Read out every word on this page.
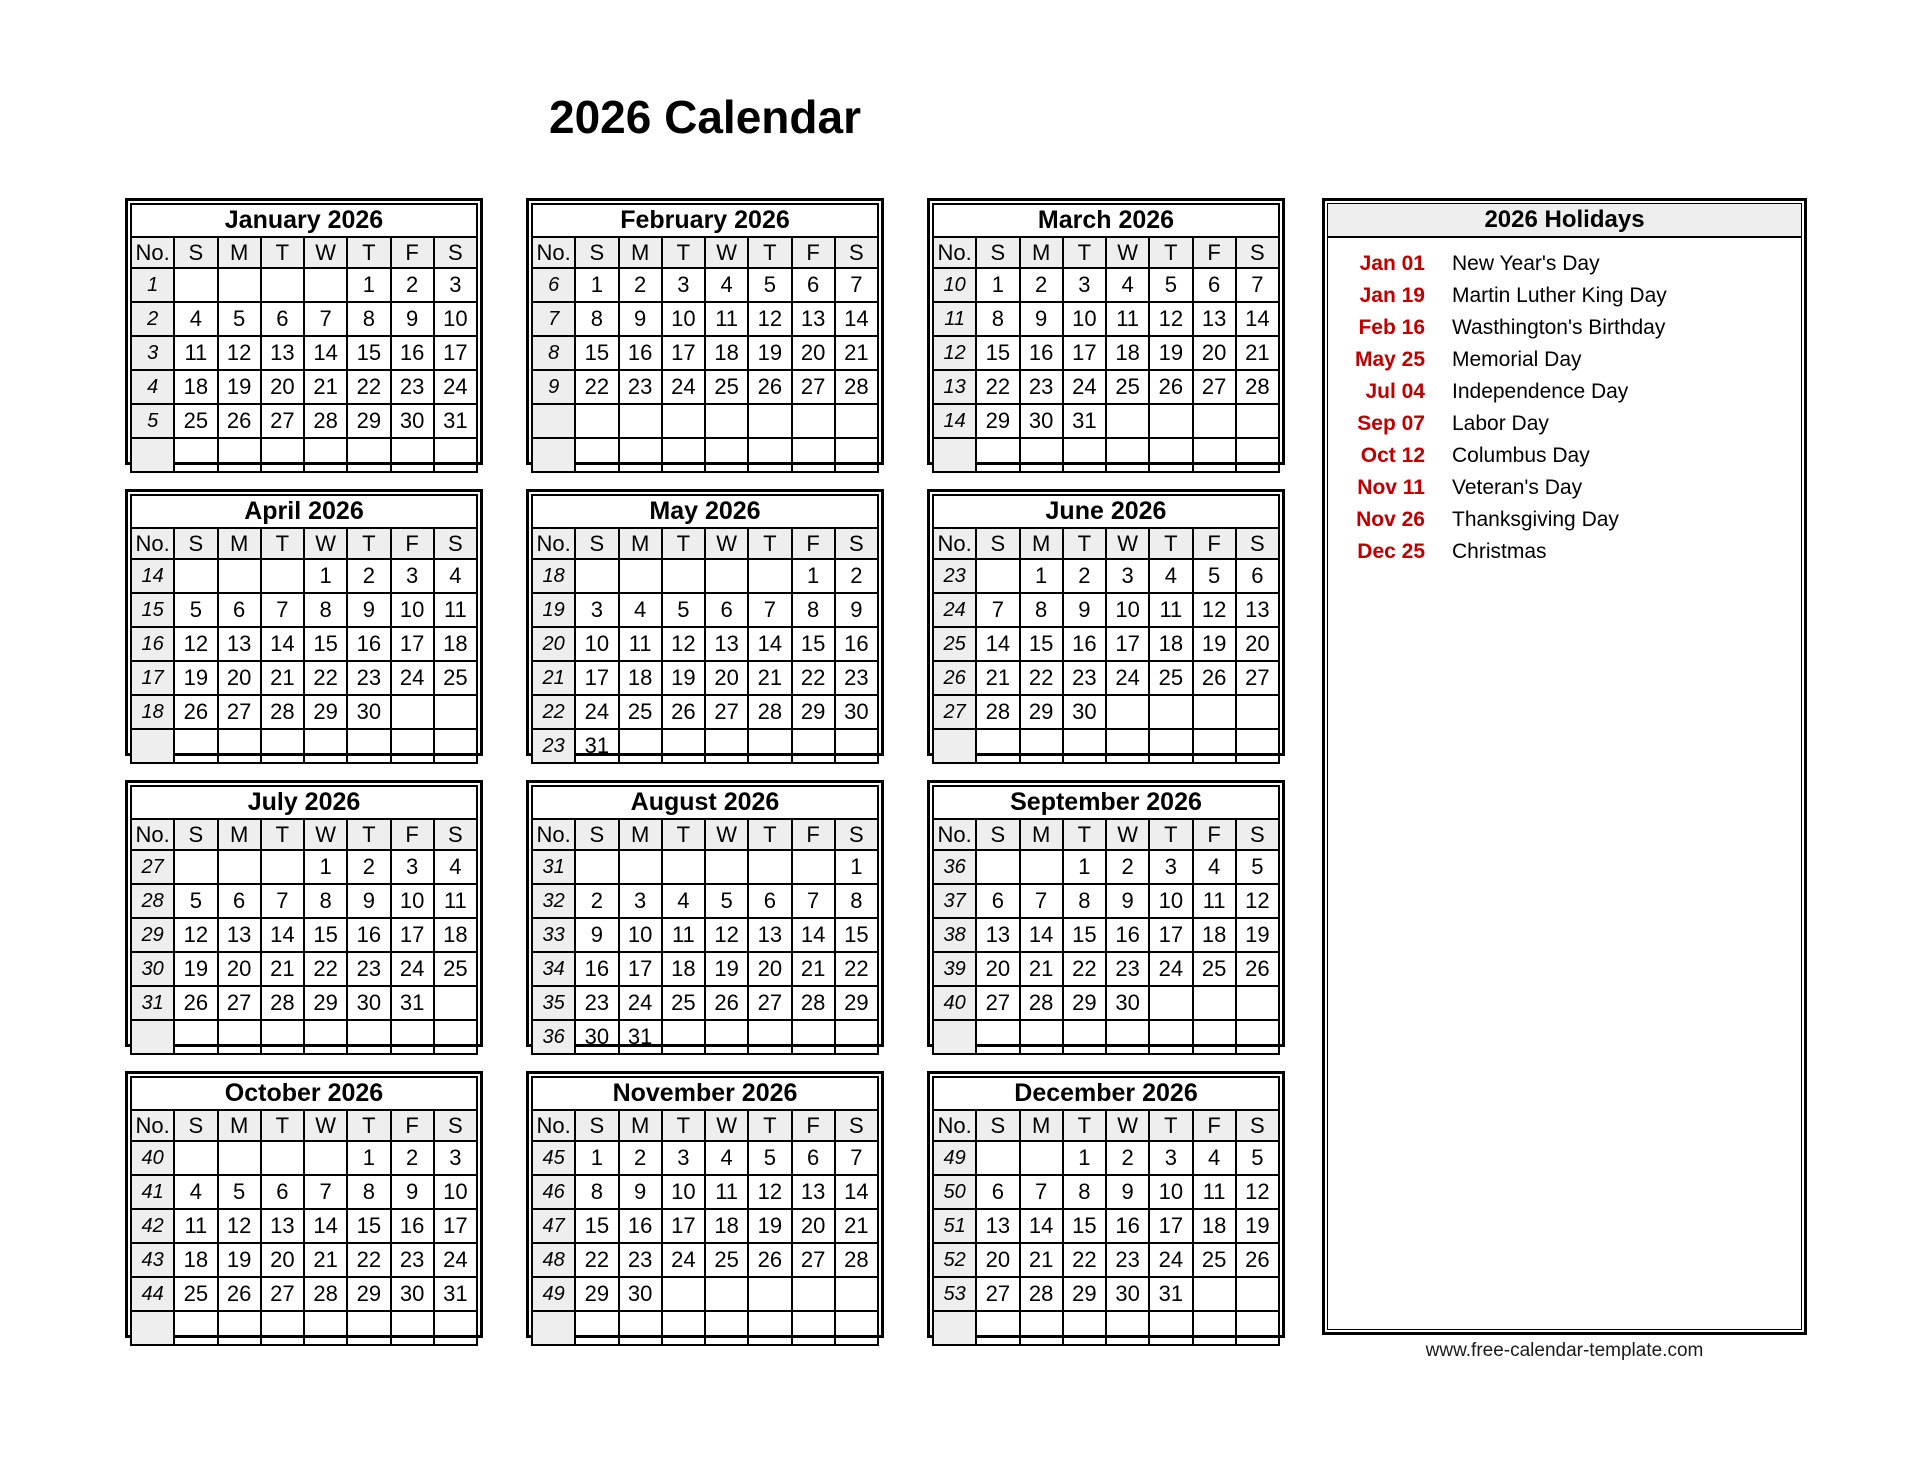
2026 Calendar
January 2026							
No.	S	M	T	W	T	F	S
1					1	2	3
2	4	5	6	7	8	9	10
3	11	12	13	14	15	16	17
4	18	19	20	21	22	23	24
5	25	26	27	28	29	30	31

February 2026							
No.	S	M	T	W	T	F	S
6	1	2	3	4	5	6	7
7	8	9	10	11	12	13	14
8	15	16	17	18	19	20	21
9	22	23	24	25	26	27	28

March 2026							
No.	S	M	T	W	T	F	S
10	1	2	3	4	5	6	7
11	8	9	10	11	12	13	14
12	15	16	17	18	19	20	21
13	22	23	24	25	26	27	28
14	29	30	31				

April 2026							
No.	S	M	T	W	T	F	S
14				1	2	3	4
15	5	6	7	8	9	10	11
16	12	13	14	15	16	17	18
17	19	20	21	22	23	24	25
18	26	27	28	29	30		

May 2026							
No.	S	M	T	W	T	F	S
18						1	2
19	3	4	5	6	7	8	9
20	10	11	12	13	14	15	16
21	17	18	19	20	21	22	23
22	24	25	26	27	28	29	30
23	31						
June 2026							
No.	S	M	T	W	T	F	S
23		1	2	3	4	5	6
24	7	8	9	10	11	12	13
25	14	15	16	17	18	19	20
26	21	22	23	24	25	26	27
27	28	29	30				

July 2026							
No.	S	M	T	W	T	F	S
27				1	2	3	4
28	5	6	7	8	9	10	11
29	12	13	14	15	16	17	18
30	19	20	21	22	23	24	25
31	26	27	28	29	30	31	

August 2026							
No.	S	M	T	W	T	F	S
31							1
32	2	3	4	5	6	7	8
33	9	10	11	12	13	14	15
34	16	17	18	19	20	21	22
35	23	24	25	26	27	28	29
36	30	31					
September 2026							
No.	S	M	T	W	T	F	S
36			1	2	3	4	5
37	6	7	8	9	10	11	12
38	13	14	15	16	17	18	19
39	20	21	22	23	24	25	26
40	27	28	29	30			

October 2026							
No.	S	M	T	W	T	F	S
40					1	2	3
41	4	5	6	7	8	9	10
42	11	12	13	14	15	16	17
43	18	19	20	21	22	23	24
44	25	26	27	28	29	30	31

November 2026							
No.	S	M	T	W	T	F	S
45	1	2	3	4	5	6	7
46	8	9	10	11	12	13	14
47	15	16	17	18	19	20	21
48	22	23	24	25	26	27	28
49	29	30					

December 2026							
No.	S	M	T	W	T	F	S
49			1	2	3	4	5
50	6	7	8	9	10	11	12
51	13	14	15	16	17	18	19
52	20	21	22	23	24	25	26
53	27	28	29	30	31		

2026 Holidays
Jan 01 New Year's Day
Jan 19 Martin Luther King Day
Feb 16 Wasthington's Birthday
May 25 Memorial Day
Jul 04 Independence Day
Sep 07 Labor Day
Oct 12 Columbus Day
Nov 11 Veteran's Day
Nov 26 Thanksgiving Day
Dec 25 Christmas
www.free-calendar-template.com
